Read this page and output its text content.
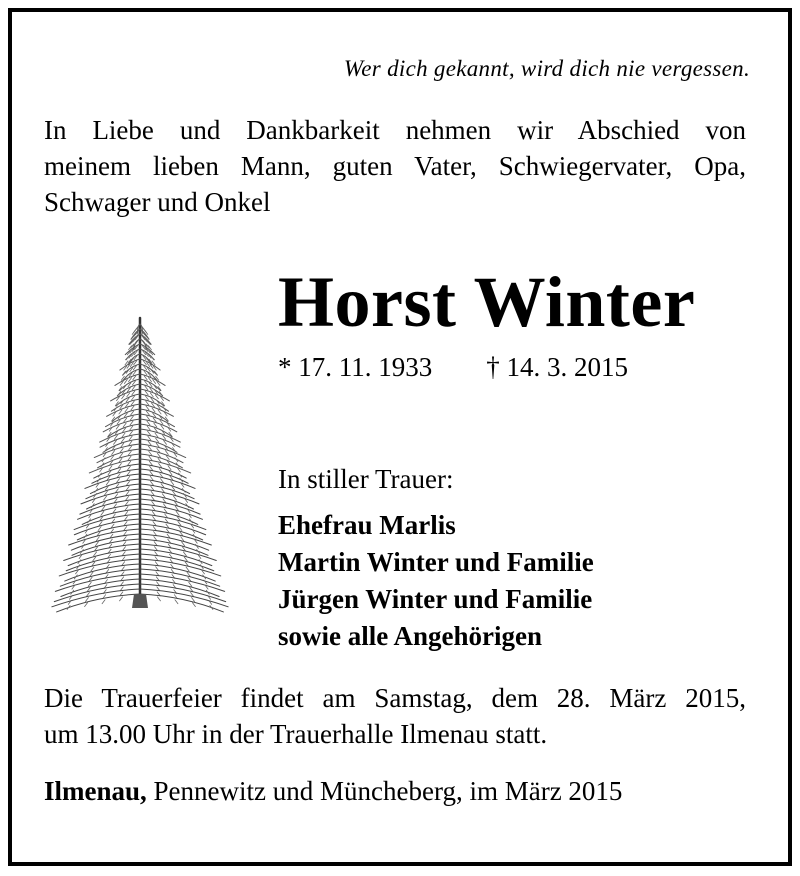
Wer dich gekannt, wird dich nie vergessen.
In Liebe und Dankbarkeit nehmen wir Abschied von
meinem lieben Mann, guten Vater, Schwiegervater, Opa,
Schwager und Onkel
Horst Winter
* 17. 11. 1933 † 14. 3. 2015
In stiller Trauer:
Ehefrau Marlis
Martin Winter und Familie
Jürgen Winter und Familie
sowie alle Angehörigen
Die Trauerfeier findet am Samstag, dem 28. März 2015,
um 13.00 Uhr in der Trauerhalle Ilmenau statt.
Ilmenau, Pennewitz und Müncheberg, im März 2015
